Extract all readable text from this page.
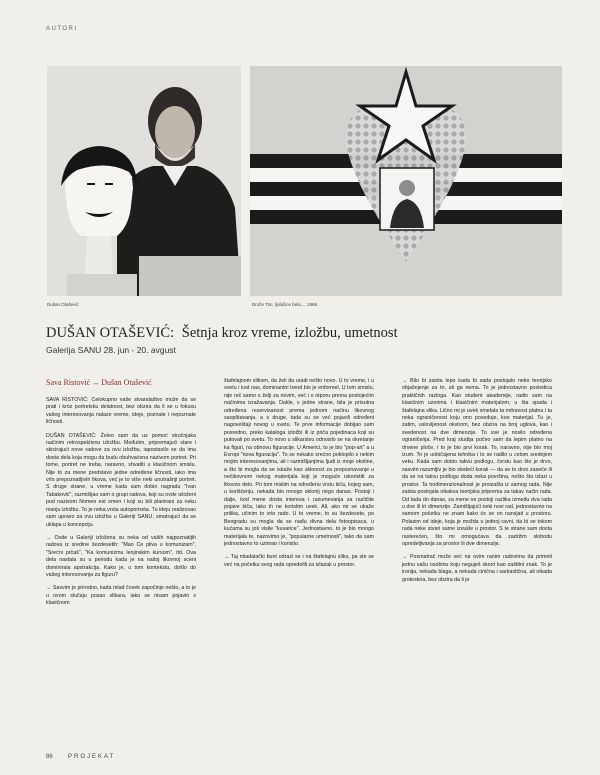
AUTORI
Dušan Otašević	Druže Tito, ljubičice bela..., 1969.
DUŠAN OTAŠEVIĆ: Šetnja kroz vreme, izložbu, umetnost
Galerija SANU 28. jun - 20. avgust
Sava Ristović ↔ Dušan Otašević

SAVA RISTOVIĆ: Celokupno vaše stvaralaštvo može da se prati i kroz portretsku delatnost, bez obzira da li se u fokusu vašeg interesovanja nalaze vreme, ideje, poznate i nepoznate ličnosti.

DUŠAN OTAŠEVIĆ: Želeo sam da uz pomoć stručnjaka načinim retrospektivnu izložbu. Međutim, pripremajući stare i skicirajući nove radove za ovu izložbu, iapostavilo se da ima dosta dela koja mogu da budu obuhvaćena nazivom portret. Pri tome, portret ne treba, naravno, shvatiti u klasičnom smislu. Nije to za mene predstavo jedne određene ličnosti, iako ima vrlo prepoznatljivih likova, već je to više neki unutrašnji portret. S druge strane, u vreme kada sam dobio nagradu "Ivan Tabaković", razmišljao sam o grupi radova, koji su ovde izloženi pod nazivom Nomen est omen i koji su bili planirani za neku manju izložbu. To je neka vrsta autoportreta. Tu ideju realizovao sam upravo za ovu izložbu u Galeriji SANU, smatrajući da se uklapa u koncepciju.

→ Ovde u Galeriji izložena su neka od vaših najpoznatijih radova iz sredine šezdesetih: "Mao Ce pliva u komunizam", "Srećni prčaš", "Ka komunizmu lenjinskim kursom", itd. Ova dela nastala su u periodu kada je na našoj likovnoj sceni dominirala apstrakcija. Kako je, u tom kontekstu, došlo do vašeg interesovanja za figuru?

→ Sasvim je prirodno, kada mlad čovek započinje nešto, a to je u ovom slučaju posao slikara, iako se nisam pojavio s klasičnom

štafelajnom slikom, da želi da uradi nešto novo. U to vreme, i u svetu i kod nas, dominantni trend bio je enformel. U tom smislu, nije reč samo o želji za novim, već i o otporu prema postojećim načinima izražavanja. Dakle, s jedne strane, bila je prisutna određena rezervisanost prema jednom načinu likovnog saopštavanja, a s druge, tada su se već pojavili određeni nagoveštaji novog u svetu. Te prve informacije dobijao sam posredno, preko kataloga izložbi ili iz priča pojedinaca koji su putovali po svetu. To novo u slikarstvu odnosilo se na okretanje ka figuri, na obnovu figuracije. U Americi, to je bio "pop-art" a u Evropi "nova figuracija". To se nekako srećno poklopilo s nekim mojim interesovanjima, ali i razmišljanjima ljudi iz moje okoline, a što bi mogla da se iskaže kao sklonost za prepoznavanje u nečikovnom nekog materijala koji je moguće iskoristiti za likovno delo. Pri tom mislim na određenu vrstu kiča, kojeg sam, u korišćenju, nekada bio mnogo sklonij nego danas. Postoji i dalje, kod mene dosta interesa i razumevanja za različite pojave kiča, iako ih ne koristim uvek. Ali, ako mi se ukaže prilika, učinim to vrlo rado. U to vreme, to su šezdesete, po Beogradu su mogla da se nađu divna dela fotoopisaca, u kućama su još visile "kuvarice". Jednostavno, to je bio mnogo materijala te, nazovimo je, "popularne umetnosti", tako da sam jednostavno to uzimao i koristio.

→ Taj mladalački bunt odrazi se i na štafelajnu sliku, pa ste se već na početku svog rada opredelili za izlazak u prostor.

→ Bilo bi zaista lepo kada bi sada postojalo neko teorijsko objašnjenje za to, ali ga nema. To je jednostavno posledica praktičnih razloga. Kao student akademije, radio sam na klasičnim uzorima i klasičnim materijalom, u šta spada i štafelajna slika. Lično mi je uvek smetala ta mitravost platna i ta neka ograničenost koju ono poseduje, koo materijal. Tu je, zatim, uslovljenost okvirom, bez obzira na broj uglova, kao i svedenost na dve dimenzije. To sve je nosilo određena ograničenja. Pred kraj studija počeo sam da lepim platno na drvene ploče, i to je bio prvi korak. To, naravno, nije bio moj izum. To je uobičajena tehnika i to se radilo u celom srednjem veku. Kada sam dobio takvu podlogu, čvrstu kao što je drvo, sasvim razumljiv je bio sledeći korak — da se to drvo zaseče ili da se na takvu podlogu doda neka površina, nešto što izlazi u prostor. Ta trodimenzionalnost je proizašla iz samog rada. Nije zaista postojala nikakva teorijska priprema za takav način rada. Od tada do danas, za mene ne postoji razlika između dva rada u dve ili tri dimenzije. Zamišljajući neki novi rad, jednostavno na samom početku ne znam kako će se on razvijati u prostoru. Polazim od ideje, koja je možda u jednoj ravni, da bi se tokom rada neke stvari same izvukle u prostor. S te strane sam dosta rasterećen, što mi omogućava da zadržim slobodu opredeljivanja za prostor ili dve dimenzije.

→ Posmatrač može već na ovim ranim radovima da primeti jednu vašu osobinu koju neguješ skoro kao zaštitni znak. To je ironija, nekada blaga, a nekada cinična i sarkastična, ali nikada groteskna, bez obzira da li je

86	PROJEKAT
